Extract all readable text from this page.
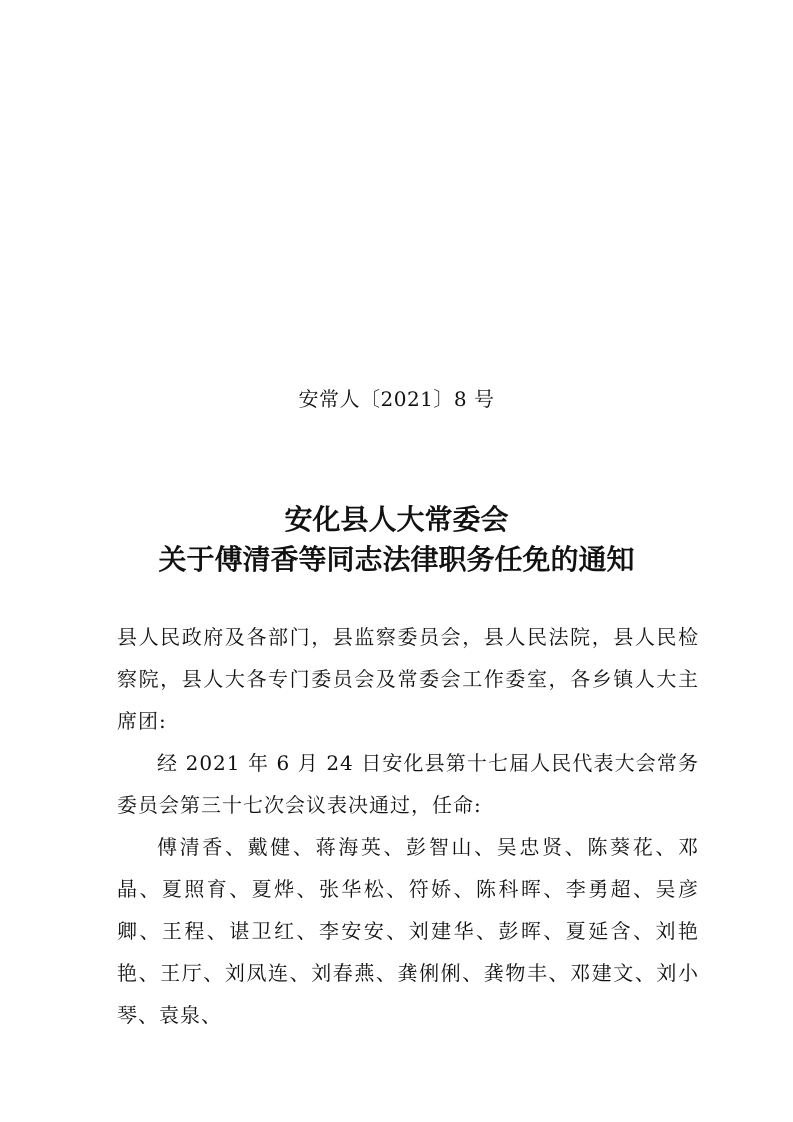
安常人〔2021〕8 号
安化县人大常委会
关于傅清香等同志法律职务任免的通知

县人民政府及各部门，县监察委员会，县人民法院，县人民检察院，县人大各专门委员会及常委会工作委室，各乡镇人大主席团:

经 2021 年 6 月 24 日安化县第十七届人民代表大会常务委员会第三十七次会议表决通过，任命:

傅清香、戴健、蒋海英、彭智山、吴忠贤、陈葵花、邓晶、夏照育、夏烨、张华松、符娇、陈科晖、李勇超、吴彦卿、王程、谌卫红、李安安、刘建华、彭晖、夏延含、刘艳艳、王厅、刘凤连、刘春燕、龚俐俐、龚物丰、邓建文、刘小琴、袁泉、
